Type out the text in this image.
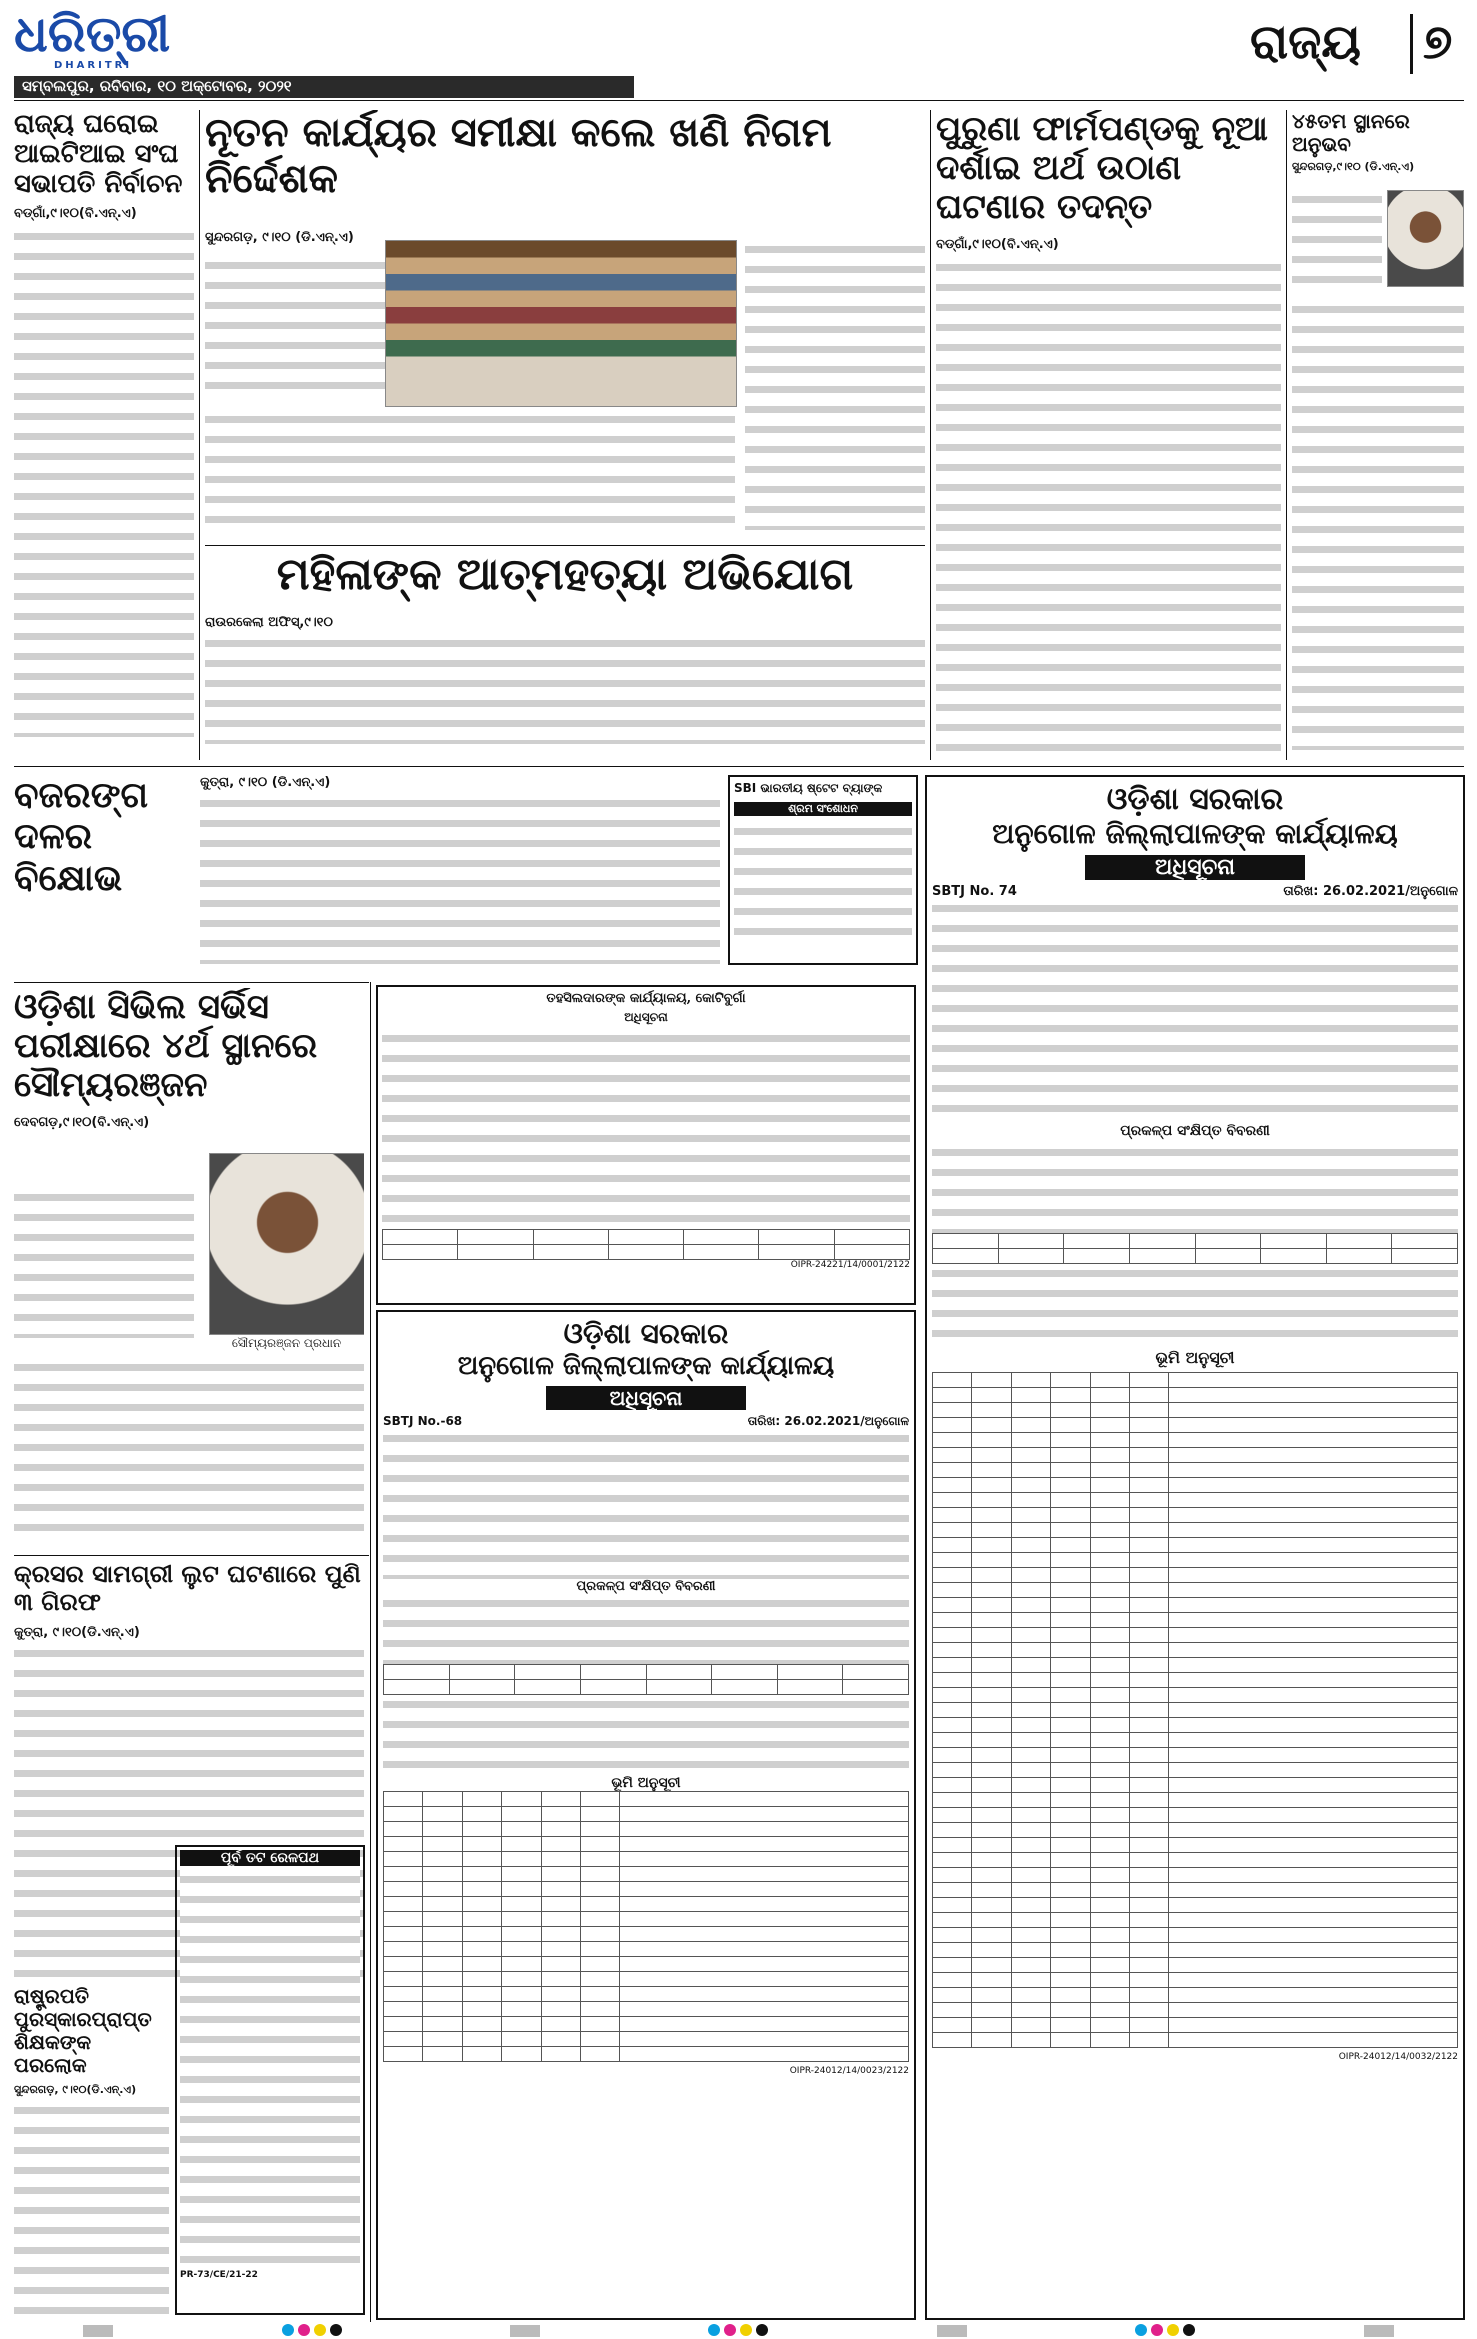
ଧରିତ୍ରୀ
DHARITRI
ସମ୍ବଲପୁର, ରବିବାର, ୧୦ ଅକ୍ଟୋବର, ୨୦୨୧
ରାଜ୍ୟ	୭
ରାଜ୍ୟ ଘରୋଇ ଆଇଟିଆଇ ସଂଘ ସଭାପତି ନିର୍ବାଚନ
ବଡ୍‌ଗାଁ,୯।୧୦(ବି.ଏନ୍‌.ଏ)
ନୂତନ କାର୍ଯ୍ୟର ସମୀକ୍ଷା କଲେ ଖଣି ନିଗମ ନିର୍ଦ୍ଦେଶକ
ସୁନ୍ଦରଗଡ଼, ୯।୧୦ (ଡି.ଏନ୍‌.ଏ)
ପୁରୁଣା ଫାର୍ମପଣ୍ଡକୁ ନୂଆ ଦର୍ଶାଇ ଅର୍ଥ ଉଠାଣ ଘଟଣାର ତଦନ୍ତ
ବଡ୍‌ଗାଁ,୯।୧୦(ବି.ଏନ୍‌.ଏ)
୪୫ତମ ସ୍ଥାନରେ ଅନୁଭବ
ସୁନ୍ଦରଗଡ଼,୯।୧୦ (ଡି.ଏନ୍‌.ଏ)
ମହିଳାଙ୍କ ଆତ୍ମହତ୍ୟା ଅଭିଯୋଗ
ରାଉରକେଲା ଅଫିସ୍‌,୯।୧୦
ବଜରଙ୍ଗ ଦଳର ବିକ୍ଷୋଭ
କୁତ୍ରା, ୯।୧୦ (ଡି.ଏନ୍‌.ଏ)	SBI ଭାରତୀୟ ଷ୍ଟେଟ ବ୍ୟାଙ୍କ
ଶ୍ରମ ସଂଶୋଧନ
ଓଡ଼ିଶା ସିଭିଲ ସର୍ଭିସ ପରୀକ୍ଷାରେ ୪ର୍ଥ ସ୍ଥାନରେ ସୌମ୍ୟରଞ୍ଜନ
ଦେବଗଡ଼,୯।୧୦(ବି.ଏନ୍‌.ଏ)
ସୌମ୍ୟରଞ୍ଜନ ପ୍ରଧାନ
କ୍ରସର ସାମଗ୍ରୀ ଲୁଟ ଘଟଣାରେ ପୁଣି ୩ ଗିରଫ
କୁତ୍ରା, ୯।୧୦(ଡି.ଏନ୍‌.ଏ)
ପୂର୍ବ ତଟ ରେଳପଥ
PR-73/CE/21-22
ରାଷ୍ଟ୍ରପତି ପୁରସ୍କାରପ୍ରାପ୍ତ ଶିକ୍ଷକଙ୍କ ପରଲୋକ
ସୁନ୍ଦରଗଡ଼, ୯।୧୦(ଡି.ଏନ୍‌.ଏ)
ତହସିଲଦାରଙ୍କ କାର୍ଯ୍ୟାଳୟ, କୋଟିବୁର୍ଗା
ଅଧିସୂଚନା

OIPR-24221/14/0001/2122
ଓଡ଼ିଶା ସରକାର
ଅନୁଗୋଳ ଜିଲ୍ଲାପାଳଙ୍କ କାର୍ଯ୍ୟାଳୟ
ଅଧିସୂଚନା
SBTJ No.-68	ତାରିଖ: 26.02.2021/ଅନୁଗୋଳ
ପ୍ରକଳ୍ପ ସଂକ୍ଷିପ୍ତ ବିବରଣୀ

ଭୂମି ଅନୁସୂଚୀ

OIPR-24012/14/0023/2122
ଓଡ଼ିଶା ସରକାର
ଅନୁଗୋଳ ଜିଲ୍ଲାପାଳଙ୍କ କାର୍ଯ୍ୟାଳୟ
ଅଧିସୂଚନା
SBTJ No. 74	ତାରିଖ: 26.02.2021/ଅନୁଗୋଳ
ପ୍ରକଳ୍ପ ସଂକ୍ଷିପ୍ତ ବିବରଣୀ

ଭୂମି ଅନୁସୂଚୀ

OIPR-24012/14/0032/2122
